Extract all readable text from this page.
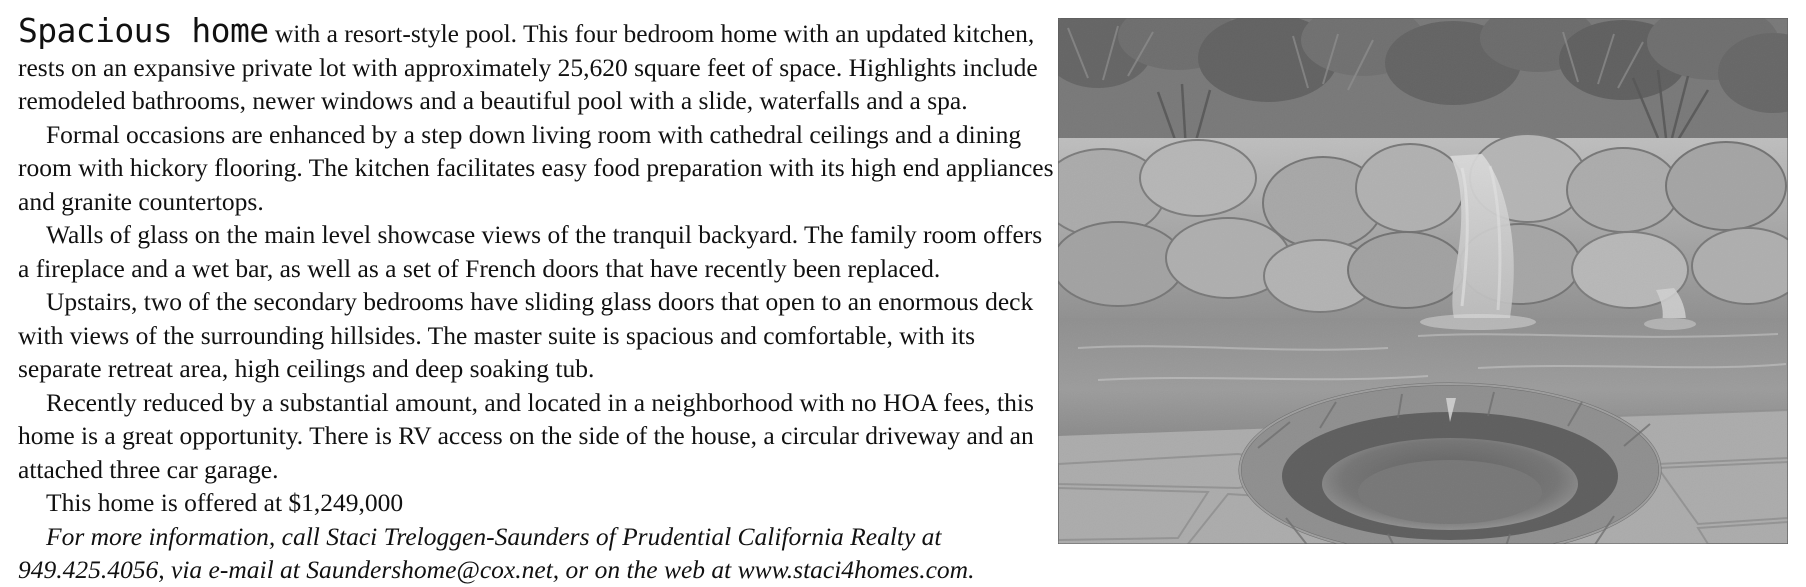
Spacious home with a resort-style pool. This four bedroom home with an updated kitchen, rests on an expansive private lot with approximately 25,620 square feet of space. Highlights include remodeled bathrooms, newer windows and a beautiful pool with a slide, waterfalls and a spa.

Formal occasions are enhanced by a step down living room with cathedral ceilings and a dining room with hickory flooring. The kitchen facilitates easy food preparation with its high end appliances and granite countertops.

Walls of glass on the main level showcase views of the tranquil backyard. The family room offers a fireplace and a wet bar, as well as a set of French doors that have recently been replaced.

Upstairs, two of the secondary bedrooms have sliding glass doors that open to an enormous deck with views of the surrounding hillsides. The master suite is spacious and comfortable, with its separate retreat area, high ceilings and deep soaking tub.

Recently reduced by a substantial amount, and located in a neighborhood with no HOA fees, this home is a great opportunity. There is RV access on the side of the house, a circular driveway and an attached three car garage.

This home is offered at $1,249,000

For more information, call Staci Treloggen-Saunders of Prudential California Realty at 949.425.4056, via e-mail at Saundershome@cox.net, or on the web at www.staci4homes.com.
